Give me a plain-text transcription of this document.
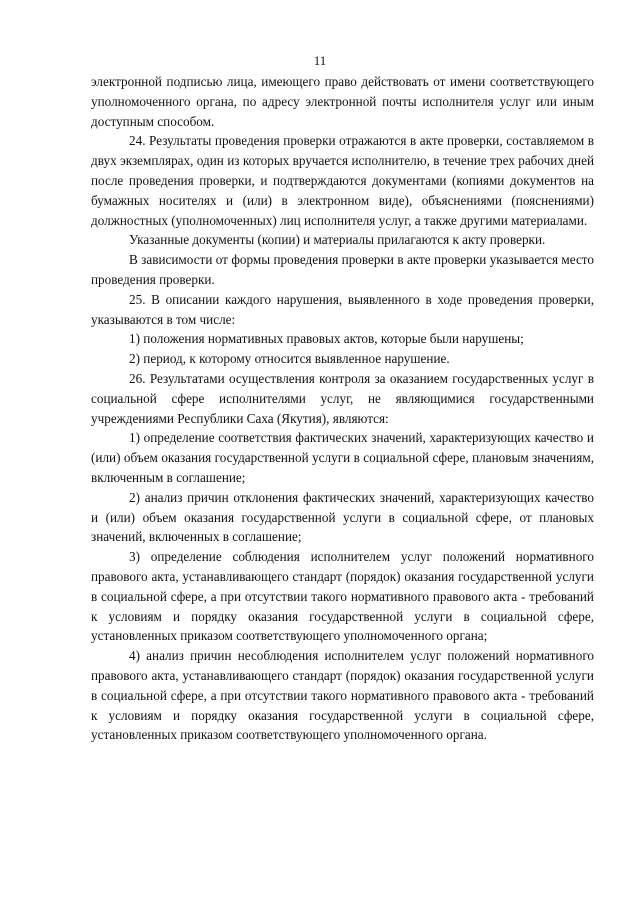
11

электронной подписью лица, имеющего право действовать от имени соответствующего уполномоченного органа, по адресу электронной почты исполнителя услуг или иным доступным способом.

24. Результаты проведения проверки отражаются в акте проверки, составляемом в двух экземплярах, один из которых вручается исполнителю, в течение трех рабочих дней после проведения проверки, и подтверждаются документами (копиями документов на бумажных носителях и (или) в электронном виде), объяснениями (пояснениями) должностных (уполномоченных) лиц исполнителя услуг, а также другими материалами.

Указанные документы (копии) и материалы прилагаются к акту проверки.

В зависимости от формы проведения проверки в акте проверки указывается место проведения проверки.

25. В описании каждого нарушения, выявленного в ходе проведения проверки, указываются в том числе:

1) положения нормативных правовых актов, которые были нарушены;

2) период, к которому относится выявленное нарушение.

26. Результатами осуществления контроля за оказанием государственных услуг в социальной сфере исполнителями услуг, не являющимися государственными учреждениями Республики Саха (Якутия), являются:

1) определение соответствия фактических значений, характеризующих качество и (или) объем оказания государственной услуги в социальной сфере, плановым значениям, включенным в соглашение;

2) анализ причин отклонения фактических значений, характеризующих качество и (или) объем оказания государственной услуги в социальной сфере, от плановых значений, включенных в соглашение;

3) определение соблюдения исполнителем услуг положений нормативного правового акта, устанавливающего стандарт (порядок) оказания государственной услуги в социальной сфере, а при отсутствии такого нормативного правового акта - требований к условиям и порядку оказания государственной услуги в социальной сфере, установленных приказом соответствующего уполномоченного органа;

4) анализ причин несоблюдения исполнителем услуг положений нормативного правового акта, устанавливающего стандарт (порядок) оказания государственной услуги в социальной сфере, а при отсутствии такого нормативного правового акта - требований к условиям и порядку оказания государственной услуги в социальной сфере, установленных приказом соответствующего уполномоченного органа.
